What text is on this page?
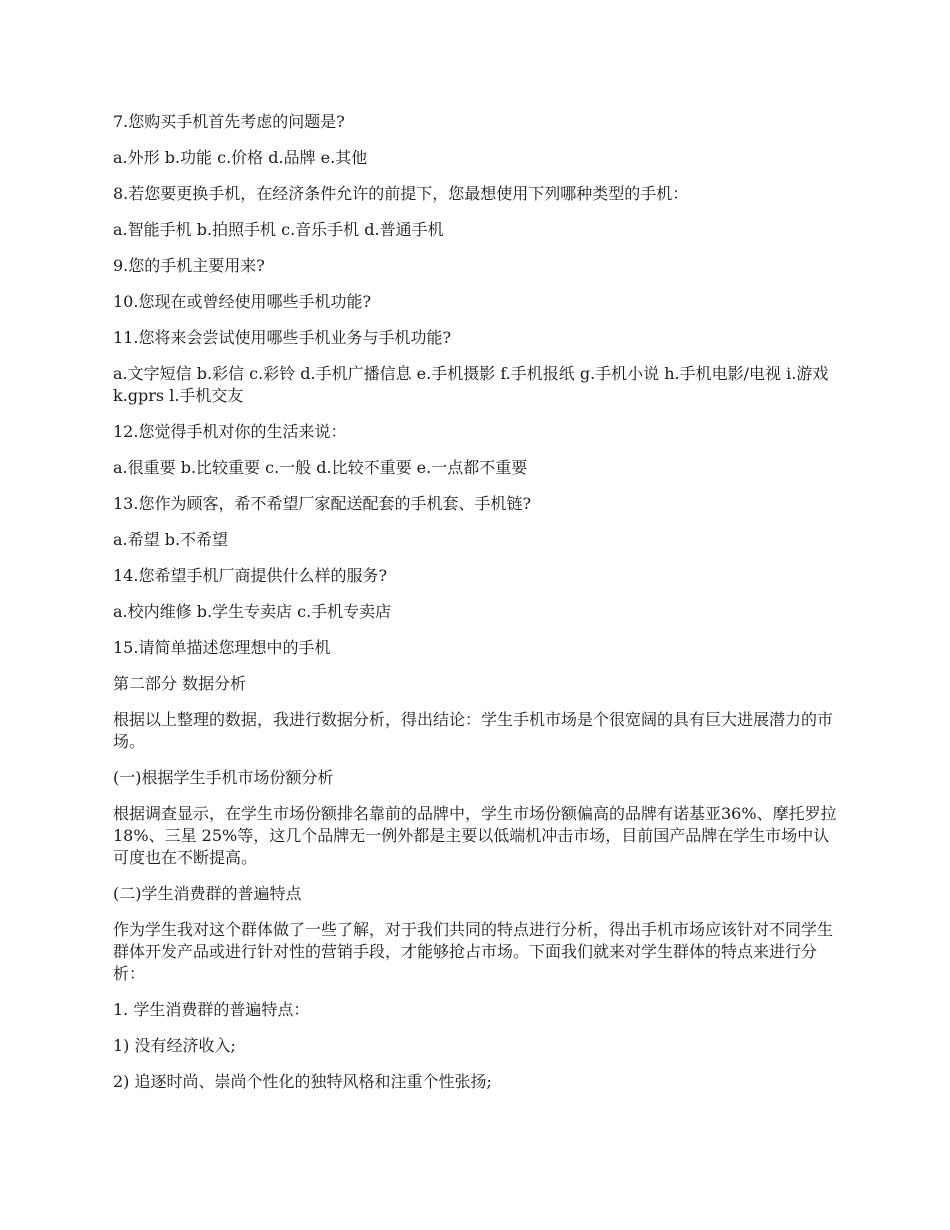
7.您购买手机首先考虑的问题是?

a.外形 b.功能 c.价格 d.品牌 e.其他

8.若您要更换手机，在经济条件允许的前提下，您最想使用下列哪种类型的手机：

a.智能手机 b.拍照手机 c.音乐手机 d.普通手机

9.您的手机主要用来?

10.您现在或曾经使用哪些手机功能?

11.您将来会尝试使用哪些手机业务与手机功能?

a.文字短信 b.彩信 c.彩铃 d.手机广播信息 e.手机摄影 f.手机报纸 g.手机小说 h.手机电影/电视 i.游戏 k.gprs l.手机交友

12.您觉得手机对你的生活来说：

a.很重要 b.比较重要 c.一般 d.比较不重要 e.一点都不重要

13.您作为顾客，希不希望厂家配送配套的手机套、手机链?

a.希望 b.不希望

14.您希望手机厂商提供什么样的服务?

a.校内维修 b.学生专卖店 c.手机专卖店

15.请简单描述您理想中的手机

第二部分 数据分析

根据以上整理的数据，我进行数据分析，得出结论：学生手机市场是个很宽阔的具有巨大进展潜力的市场。

(一)根据学生手机市场份额分析

根据调查显示，在学生市场份额排名靠前的品牌中，学生市场份额偏高的品牌有诺基亚36%、摩托罗拉 18%、三星 25%等，这几个品牌无一例外都是主要以低端机冲击市场，目前国产品牌在学生市场中认可度也在不断提高。

(二)学生消费群的普遍特点

作为学生我对这个群体做了一些了解，对于我们共同的特点进行分析，得出手机市场应该针对不同学生群体开发产品或进行针对性的营销手段，才能够抢占市场。下面我们就来对学生群体的特点来进行分析：

1. 学生消费群的普遍特点：

1) 没有经济收入;

2) 追逐时尚、崇尚个性化的独特风格和注重个性张扬;
